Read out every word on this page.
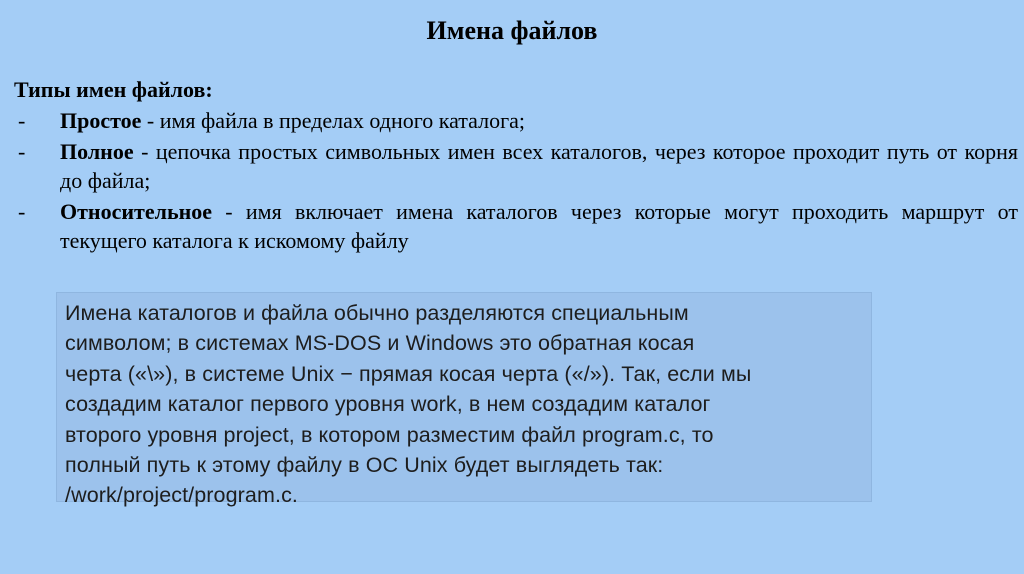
Имена файлов
Типы имен файлов:
-	Простое - имя файла в пределах одного каталога;
-	Полное - цепочка простых символьных имен всех каталогов, через которое проходит путь от корня до файла;
-	Относительное - имя включает имена каталогов через которые могут проходить маршрут от текущего каталога к искомому файлу
Имена каталогов и файла обычно разделяются специальным
символом; в системах MS-DOS и Windows это обратная косая
черта («\»), в системе Unix − прямая косая черта («/»). Так, если мы
создадим каталог первого уровня work, в нем создадим каталог
второго уровня project, в котором разместим файл program.c, то
полный путь к этому файлу в ОС Unix будет выглядеть так:
/work/project/program.c.
